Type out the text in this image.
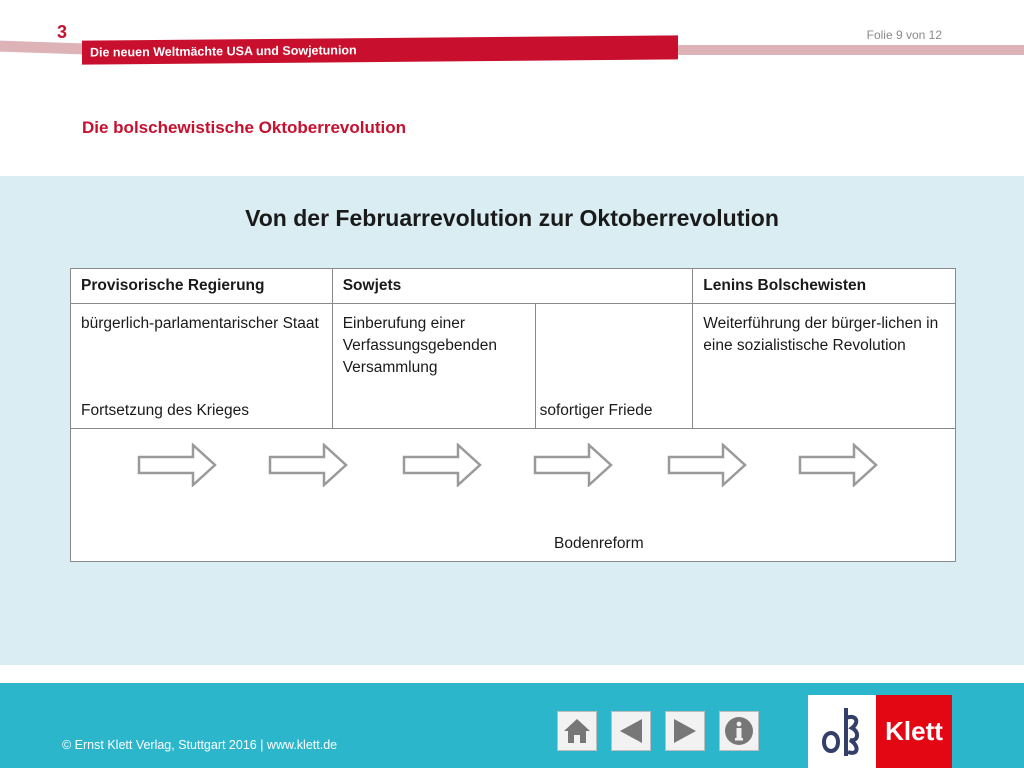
3
Die neuen Weltmächte USA und Sowjetunion
Folie 9 von 12
Die bolschewistische Oktoberrevolution
Von der Februarrevolution zur Oktoberrevolution
Provisorische Regierung	Sowjets		Lenins Bolschewisten

bürgerlich-parlamentarischer Staat
Fortsetzung des Krieges	Einberufung einer Verfassungsgebenden Versammlung	sofortiger Friede	Weiterführung der bürger-lichen in eine sozialistische Revolution

Bodenreform			
© Ernst Klett Verlag, Stuttgart 2016 | www.klett.de	Klett
